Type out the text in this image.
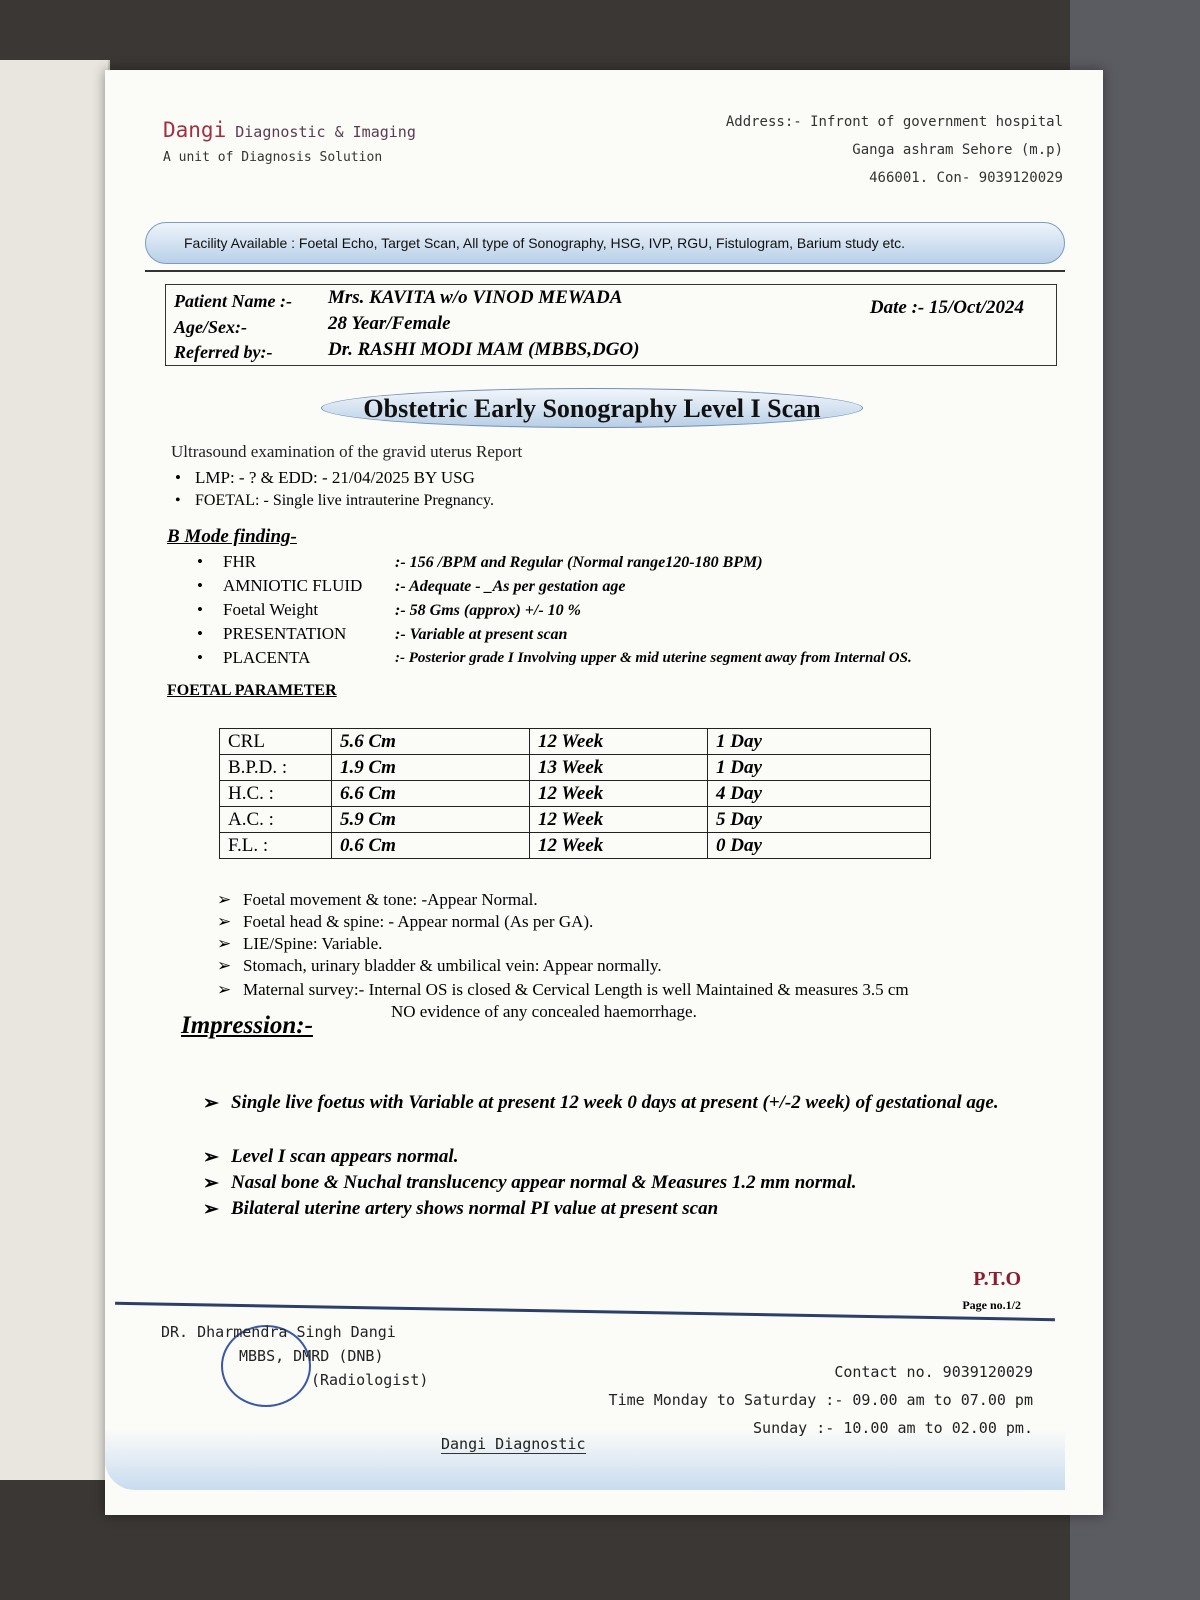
Dangi Diagnostic & Imaging
A unit of Diagnosis Solution
Address:- Infront of government hospital
Ganga ashram Sehore (m.p)
466001. Con- 9039120029
Facility Available : Foetal Echo, Target Scan, All type of Sonography, HSG, IVP, RGU, Fistulogram, Barium study etc.
Patient Name :- Mrs. KAVITA w/o VINOD MEWADA
Age/Sex:-	28 Year/Female
Referred by:-	Dr. RASHI MODI MAM (MBBS,DGO)
Date :- 15/Oct/2024
Obstetric Early Sonography Level I Scan
Ultrasound examination of the gravid uterus Report
• LMP: - ? & EDD: - 21/04/2025 BY USG
• FOETAL: - Single live intrauterine Pregnancy.
B Mode finding-
• FHR	:- 156 /BPM and Regular (Normal range120-180 BPM)
• AMNIOTIC FLUID :- Adequate - _As per gestation age
• Foetal Weight	:- 58 Gms (approx) +/- 10 %
• PRESENTATION	:- Variable at present scan
• PLACENTA	:- Posterior grade I Involving upper & mid uterine segment away from Internal OS.
FOETAL PARAMETER
CRL	5.6 Cm	12 Week	1 Day
B.P.D. :	1.9 Cm	13 Week	1 Day
H.C. :	6.6 Cm	12 Week	4 Day
A.C. :	5.9 Cm	12 Week	5 Day
F.L. :	0.6 Cm	12 Week	0 Day
➢ Foetal movement & tone: -Appear Normal.
➢ Foetal head & spine: - Appear normal (As per GA).
➢ LIE/Spine: Variable.
➢ Stomach, urinary bladder & umbilical vein: Appear normally.
➢ Maternal survey:- Internal OS is closed & Cervical Length is well Maintained & measures 3.5 cm
NO evidence of any concealed haemorrhage.
Impression:-
➢ Single live foetus with Variable at present 12 week 0 days at present (+/-2 week) of gestational age.
➢ Level I scan appears normal.
➢ Nasal bone & Nuchal translucency appear normal & Measures 1.2 mm normal.
➢ Bilateral uterine artery shows normal PI value at present scan
P.T.O
Page no.1/2
DR. Dharmendra Singh Dangi
MBBS, DMRD (DNB)
(Radiologist)	Contact no. 9039120029
Time Monday to Saturday :- 09.00 am to 07.00 pm
Sunday :- 10.00 am to 02.00 pm.
Dangi Diagnostic
